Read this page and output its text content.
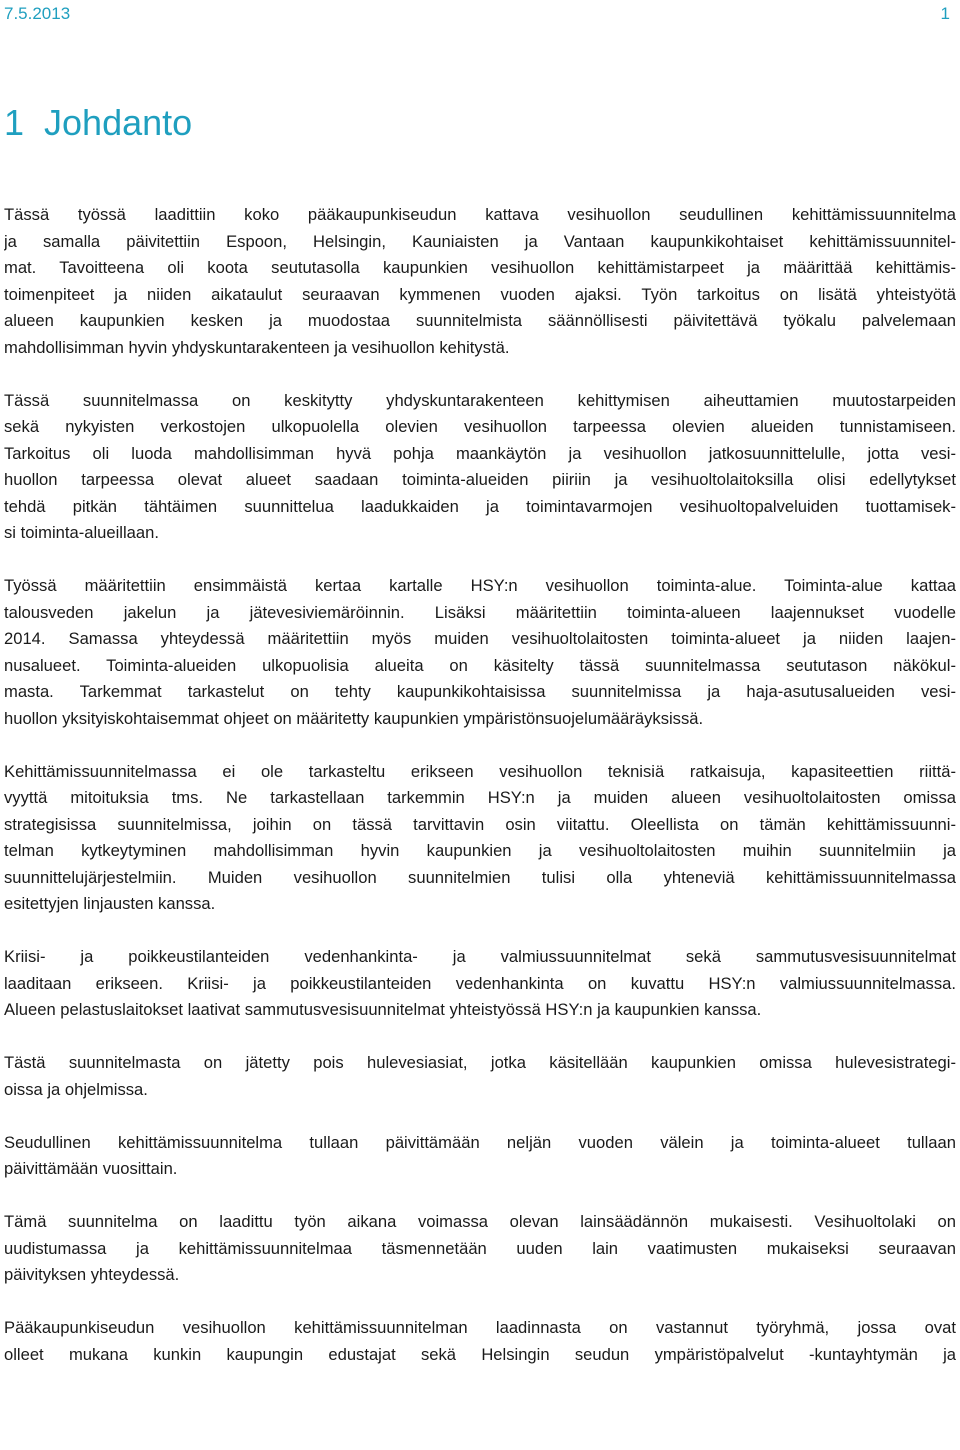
7.5.2013	1
1 Johdanto

Tässä työssä laadittiin koko pääkaupunkiseudun kattava vesihuollon seudullinen kehittämissuunnitelma
ja samalla päivitettiin Espoon, Helsingin, Kauniaisten ja Vantaan kaupunkikohtaiset kehittämissuunnitel-
mat. Tavoitteena oli koota seututasolla kaupunkien vesihuollon kehittämistarpeet ja määrittää kehittämis-
toimenpiteet ja niiden aikataulut seuraavan kymmenen vuoden ajaksi. Työn tarkoitus on lisätä yhteistyötä
alueen kaupunkien kesken ja muodostaa suunnitelmista säännöllisesti päivitettävä työkalu palvelemaan
mahdollisimman hyvin yhdyskuntarakenteen ja vesihuollon kehitystä.

Tässä suunnitelmassa on keskitytty yhdyskuntarakenteen kehittymisen aiheuttamien muutostarpeiden
sekä nykyisten verkostojen ulkopuolella olevien vesihuollon tarpeessa olevien alueiden tunnistamiseen.
Tarkoitus oli luoda mahdollisimman hyvä pohja maankäytön ja vesihuollon jatkosuunnittelulle, jotta vesi-
huollon tarpeessa olevat alueet saadaan toiminta-alueiden piiriin ja vesihuoltolaitoksilla olisi edellytykset
tehdä pitkän tähtäimen suunnittelua laadukkaiden ja toimintavarmojen vesihuoltopalveluiden tuottamisek-
si toiminta-alueillaan.

Työssä määritettiin ensimmäistä kertaa kartalle HSY:n vesihuollon toiminta-alue. Toiminta-alue kattaa
talousveden jakelun ja jätevesiviemäröinnin. Lisäksi määritettiin toiminta-alueen laajennukset vuodelle
2014. Samassa yhteydessä määritettiin myös muiden vesihuoltolaitosten toiminta-alueet ja niiden laajen-
nusalueet. Toiminta-alueiden ulkopuolisia alueita on käsitelty tässä suunnitelmassa seututason näkökul-
masta. Tarkemmat tarkastelut on tehty kaupunkikohtaisissa suunnitelmissa ja haja-asutusalueiden vesi-
huollon yksityiskohtaisemmat ohjeet on määritetty kaupunkien ympäristönsuojelumääräyksissä.

Kehittämissuunnitelmassa ei ole tarkasteltu erikseen vesihuollon teknisiä ratkaisuja, kapasiteettien riittä-
vyyttä mitoituksia tms. Ne tarkastellaan tarkemmin HSY:n ja muiden alueen vesihuoltolaitosten omissa
strategisissa suunnitelmissa, joihin on tässä tarvittavin osin viitattu. Oleellista on tämän kehittämissuunni-
telman kytkeytyminen mahdollisimman hyvin kaupunkien ja vesihuoltolaitosten muihin suunnitelmiin ja
suunnittelujärjestelmiin. Muiden vesihuollon suunnitelmien tulisi olla yhteneviä kehittämissuunnitelmassa
esitettyjen linjausten kanssa.

Kriisi- ja poikkeustilanteiden vedenhankinta- ja valmiussuunnitelmat sekä sammutusvesisuunnitelmat
laaditaan erikseen. Kriisi- ja poikkeustilanteiden vedenhankinta on kuvattu HSY:n valmiussuunnitelmassa.
Alueen pelastuslaitokset laativat sammutusvesisuunnitelmat yhteistyössä HSY:n ja kaupunkien kanssa.

Tästä suunnitelmasta on jätetty pois hulevesiasiat, jotka käsitellään kaupunkien omissa hulevesistrategi-
oissa ja ohjelmissa.

Seudullinen kehittämissuunnitelma tullaan päivittämään neljän vuoden välein ja toiminta-alueet tullaan
päivittämään vuosittain.

Tämä suunnitelma on laadittu työn aikana voimassa olevan lainsäädännön mukaisesti. Vesihuoltolaki on
uudistumassa ja kehittämissuunnitelmaa täsmennetään uuden lain vaatimusten mukaiseksi seuraavan
päivityksen yhteydessä.

Pääkaupunkiseudun vesihuollon kehittämissuunnitelman laadinnasta on vastannut työryhmä, jossa ovat
olleet mukana kunkin kaupungin edustajat sekä Helsingin seudun ympäristöpalvelut -kuntayhtymän ja
